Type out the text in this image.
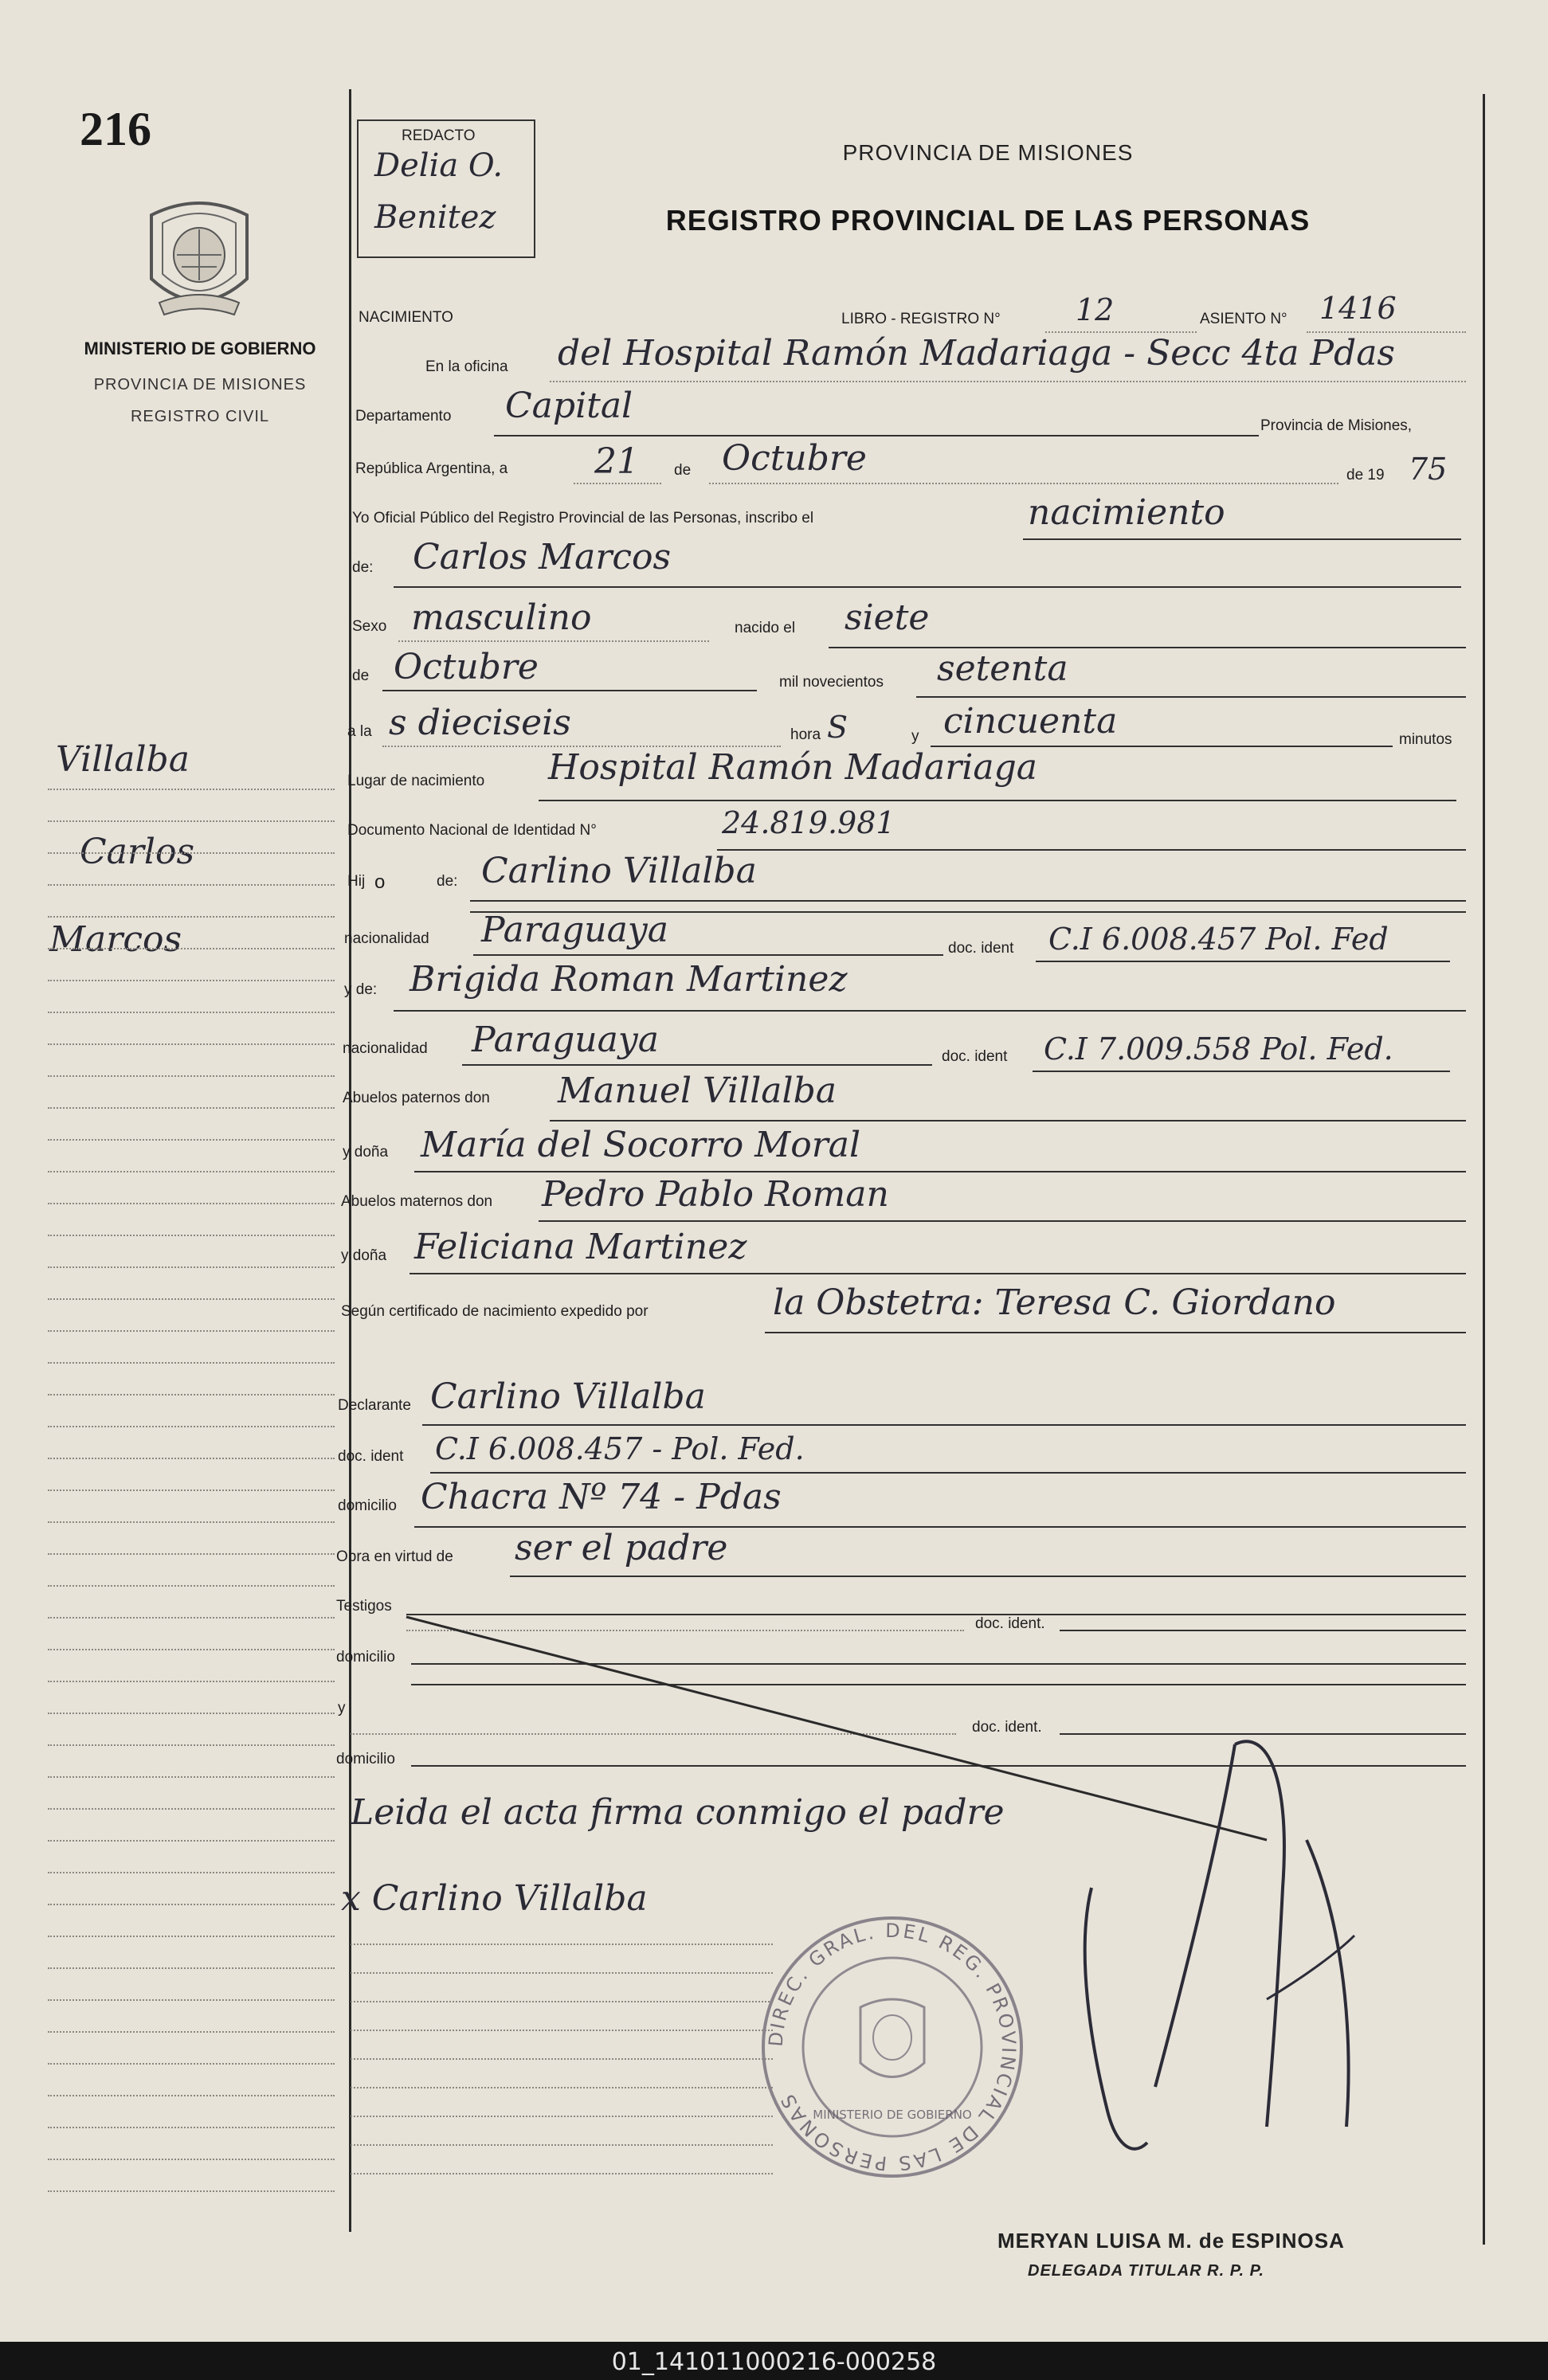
216
MINISTERIO DE GOBIERNO
PROVINCIA DE MISIONES
REGISTRO CIVIL
Villalba
Carlos
Marcos
REDACTO
Delia O.
Benitez
PROVINCIA DE MISIONES
REGISTRO PROVINCIAL DE LAS PERSONAS
NACIMIENTO	LIBRO - REGISTRO N° 12	ASIENTO N° 1416
En la oficina del Hospital Ramón Madariaga - Secc 4ta Pdas
Departamento Capital	Provincia de Misiones,
República Argentina, a 21 de Octubre	de 19 75
Yo Oficial Público del Registro Provincial de las Personas, inscribo el	nacimiento
de: Carlos Marcos
Sexo masculino	nacido el siete
de Octubre	mil novecientos setenta
a la s dieciseis	hora S	y cincuenta	minutos
Lugar de nacimiento Hospital Ramón Madariaga
Documento Nacional de Identidad N°	24.819.981
Hij o	de: Carlino Villalba
nacionalidad Paraguaya	doc. ident C.I 6.008.457 Pol. Fed
y de: Brigida Roman Martinez
nacionalidad Paraguaya	doc. ident C.I 7.009.558 Pol. Fed.
Abuelos paternos don Manuel Villalba
y doña María del Socorro Moral
Abuelos maternos don Pedro Pablo Roman
y doña Feliciana Martinez
Según certificado de nacimiento expedido por	la Obstetra: Teresa C. Giordano
Declarante Carlino Villalba
doc. ident C.I 6.008.457 - Pol. Fed.
domicilio Chacra Nº 74 - Pdas
Obra en virtud de ser el padre
Testigos
doc. ident.
domicilio
y
doc. ident.
domicilio
Leida el acta firma conmigo el padre
x Carlino Villalba
DIREC. GRAL. DEL REG. PROVINCIAL DE LAS PERSONAS
MINISTERIO DE GOBIERNO
MERYAN LUISA M. de ESPINOSA
DELEGADA TITULAR R. P. P.
01_141011000216-000258
